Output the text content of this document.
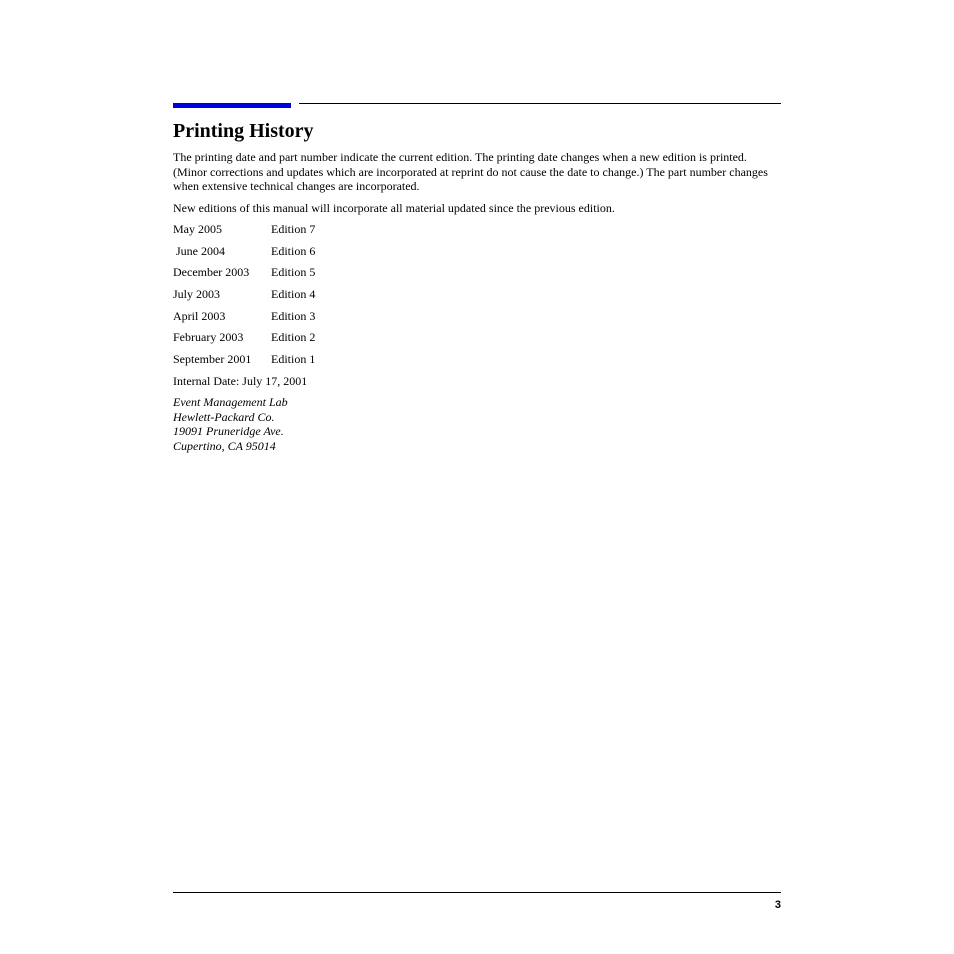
Printing History

The printing date and part number indicate the current edition. The printing date changes when a new edition is printed. (Minor corrections and updates which are incorporated at reprint do not cause the date to change.) The part number changes when extensive technical changes are incorporated.

New editions of this manual will incorporate all material updated since the previous edition.

May 2005	Edition 7
June 2004	Edition 6
December 2003	Edition 5
July 2003	Edition 4
April 2003	Edition 3
February 2003	Edition 2
September 2001	Edition 1

Internal Date: July 17, 2001

Event Management Lab
Hewlett-Packard Co.
19091 Pruneridge Ave.
Cupertino, CA 95014
3
